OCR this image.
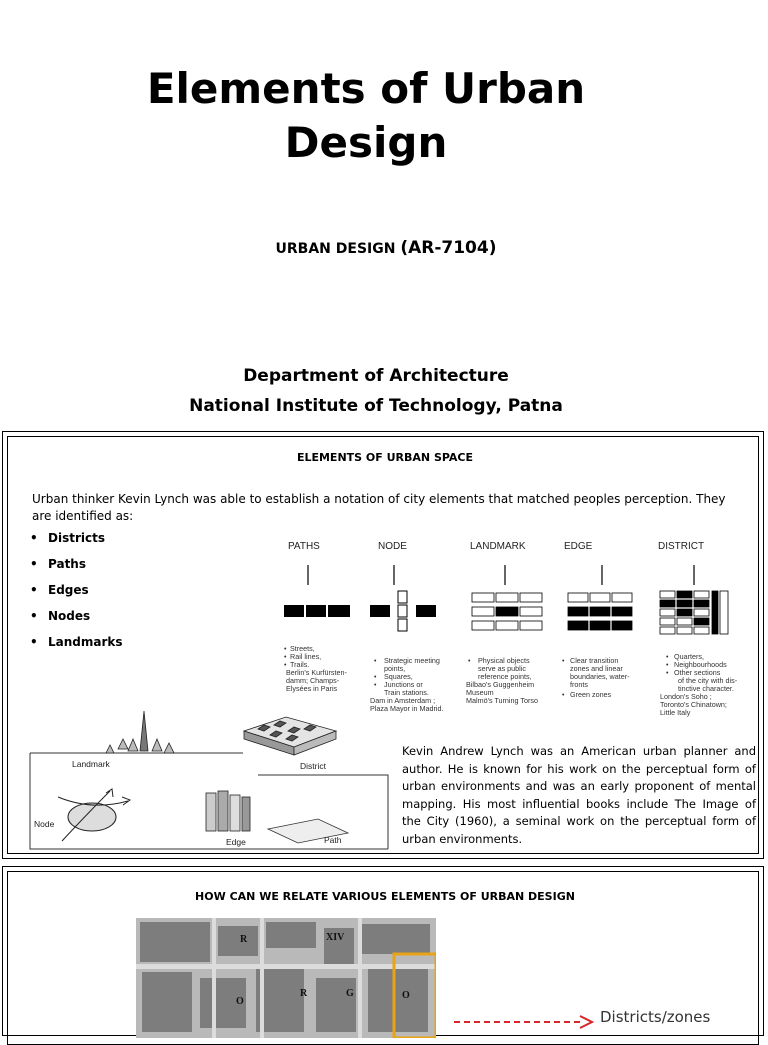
Elements of Urban
Design
URBAN DESIGN (AR-7104)
Department of Architecture
National Institute of Technology, Patna
ELEMENTS OF URBAN SPACE
Urban thinker Kevin Lynch was able to establish a notation of city elements that matched peoples perception. They are identified as:
• Districts
• Paths
• Edges
• Nodes
• Landmarks
PATHS	NODE	LANDMARK	EDGE	DISTRICT
Streets,
Rail lines,
Trails.
Berlin's Kurfürsten-
damm; Champs-
Elysées in Paris
Strategic meeting
points,
Squares,
Junctions or
Train stations.
Dam in Amsterdam ;
Plaza Mayor in Madrid.
Physical objects
serve as public
reference points,
Bilbao's Guggenheim
Museum
Malmö's Turning Torso
Clear transition
zones and linear
boundaries, water-
fronts
Green zones
Quarters,
Neighbourhoods
Other sections
of the city with dis-
tinctive character.
London's Soho ;
Toronto's Chinatown;
Little Italy
•
•
•
•
•
•
•	•
•
•
•
•
Landmark	District
Node
Edge	Path
Kevin Andrew Lynch was an American urban planner and author. He is known for his work on the perceptual form of urban environments and was an early proponent of mental mapping. His most influential books include The Image of the City (1960), a seminal work on the perceptual form of urban environments.
HOW CAN WE RELATE VARIOUS ELEMENTS OF URBAN DESIGN
XIV
R
O
R	G	O
Districts/zones
